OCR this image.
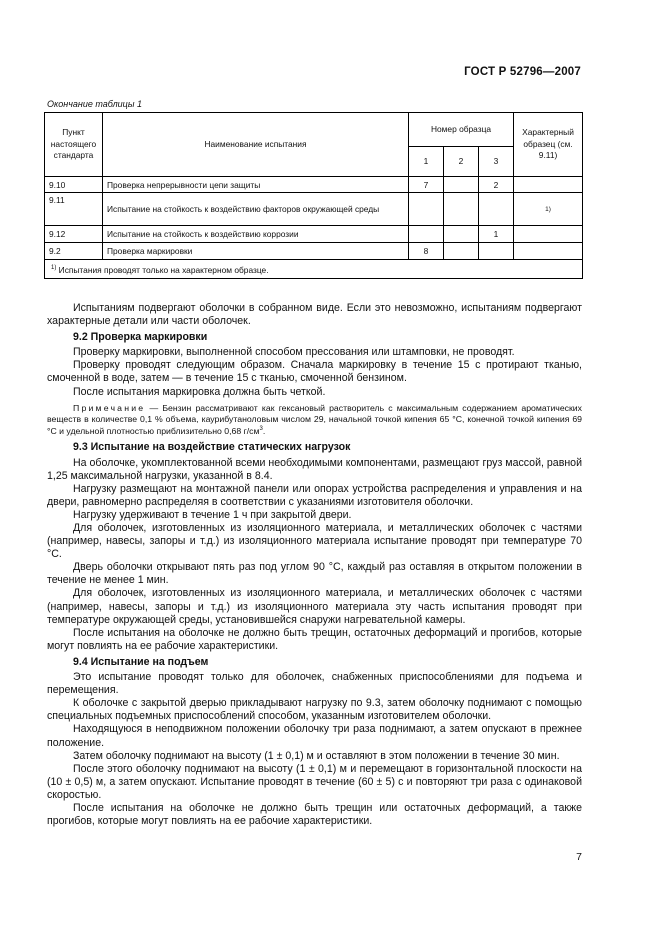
ГОСТ Р 52796—2007
Окончание таблицы 1
Пункт настоящего стандарта	Наименование испытания	Номер образца			Характерный образец (см. 9.11)
		1	2	3	
9.10	Проверка непрерывности цепи защиты	7		2	
9.11	Испытание на стойкость к воздействию факторов окружающей среды				1)
9.12	Испытание на стойкость к воздействию коррозии			1	
9.2	Проверка маркировки	8			
$^{1)}$ Испытания проводят только на характерном образце.					

Испытаниям подвергают оболочки в собранном виде. Если это невозможно, испытаниям подвергают характерные детали или части оболочек.

9.2 Проверка маркировки

Проверку маркировки, выполненной способом прессования или штамповки, не проводят.

Проверку проводят следующим образом. Сначала маркировку в течение 15 с протирают тканью, смоченной в воде, затем — в течение 15 с тканью, смоченной бензином.

После испытания маркировка должна быть четкой.

Примечание — Бензин рассматривают как гексановый растворитель с максимальным содержанием ароматических веществ в количестве 0,1 % объема, каурибутаноловым числом 29, начальной точкой кипения 65 °С, конечной точкой кипения 69 °С и удельной плотностью приблизительно 0,68 $г/см^3$.

9.3 Испытание на воздействие статических нагрузок

На оболочке, укомплектованной всеми необходимыми компонентами, размещают груз массой, равной 1,25 максимальной нагрузки, указанной в 8.4.

Нагрузку размещают на монтажной панели или опорах устройства распределения и управления и на двери, равномерно распределяя в соответствии с указаниями изготовителя оболочки.

Нагрузку удерживают в течение 1 ч при закрытой двери.

Для оболочек, изготовленных из изоляционного материала, и металлических оболочек с частями (например, навесы, запоры и т.д.) из изоляционного материала испытание проводят при температуре 70 °С.

Дверь оболочки открывают пять раз под углом 90 °С, каждый раз оставляя в открытом положении в течение не менее 1 мин.

Для оболочек, изготовленных из изоляционного материала, и металлических оболочек с частями (например, навесы, запоры и т.д.) из изоляционного материала эту часть испытания проводят при температуре окружающей среды, установившейся снаружи нагревательной камеры.

После испытания на оболочке не должно быть трещин, остаточных деформаций и прогибов, которые могут повлиять на ее рабочие характеристики.

9.4 Испытание на подъем

Это испытание проводят только для оболочек, снабженных приспособлениями для подъема и перемещения.

К оболочке с закрытой дверью прикладывают нагрузку по 9.3, затем оболочку поднимают с помощью специальных подъемных приспособлений способом, указанным изготовителем оболочки.

Находящуюся в неподвижном положении оболочку три раза поднимают, а затем опускают в прежнее положение.

Затем оболочку поднимают на высоту (1 ± 0,1) м и оставляют в этом положении в течение 30 мин.

После этого оболочку поднимают на высоту (1 ± 0,1) м и перемещают в горизонтальной плоскости на (10 ± 0,5) м, а затем опускают. Испытание проводят в течение (60 ± 5) с и повторяют три раза с одинаковой скоростью.

После испытания на оболочке не должно быть трещин или остаточных деформаций, а также прогибов, которые могут повлиять на ее рабочие характеристики.

7
